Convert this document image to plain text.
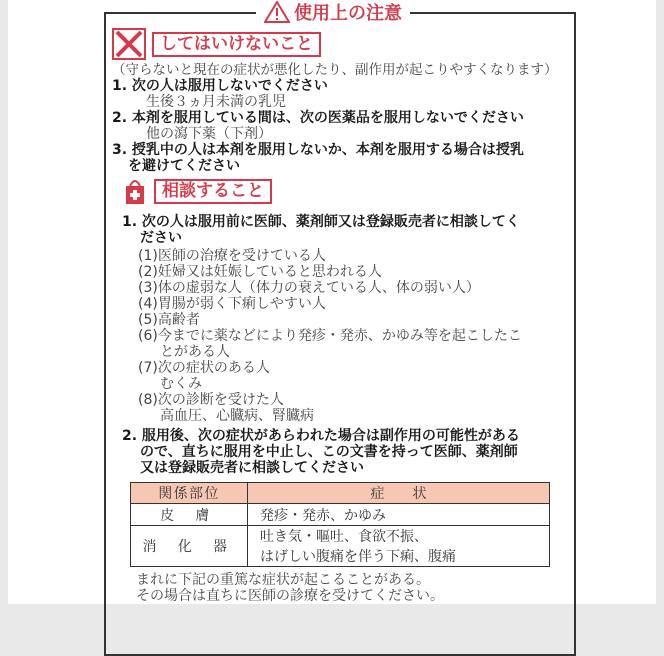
使用上の注意
してはいけないこと
（守らないと現在の症状が悪化したり、副作用が起こりやすくなります）
1. 次の人は服用しないでください
生後３ヵ月未満の乳児
2. 本剤を服用している間は、次の医薬品を服用しないでください
他の瀉下薬（下剤）
3. 授乳中の人は本剤を服用しないか、本剤を服用する場合は授乳
を避けてください
相談すること
1. 次の人は服用前に医師、薬剤師又は登録販売者に相談してく
ださい
(1)医師の治療を受けている人
(2)妊婦又は妊娠していると思われる人
(3)体の虚弱な人（体力の衰えている人、体の弱い人）
(4)胃腸が弱く下痢しやすい人
(5)高齢者
(6)今までに薬などにより発疹・発赤、かゆみ等を起こしたこ
とがある人
(7)次の症状のある人
むくみ
(8)次の診断を受けた人
高血圧、心臓病、腎臓病
2. 服用後、次の症状があらわれた場合は副作用の可能性がある
ので、直ちに服用を中止し、この文書を持って医師、薬剤師
又は登録販売者に相談してください
関係部位	症　　状
皮 膚	発疹・発赤、かゆみ
消 化 器	吐き気・嘔吐、食欲不振、
はげしい腹痛を伴う下痢、腹痛
まれに下記の重篤な症状が起こることがある。
その場合は直ちに医師の診療を受けてください。
